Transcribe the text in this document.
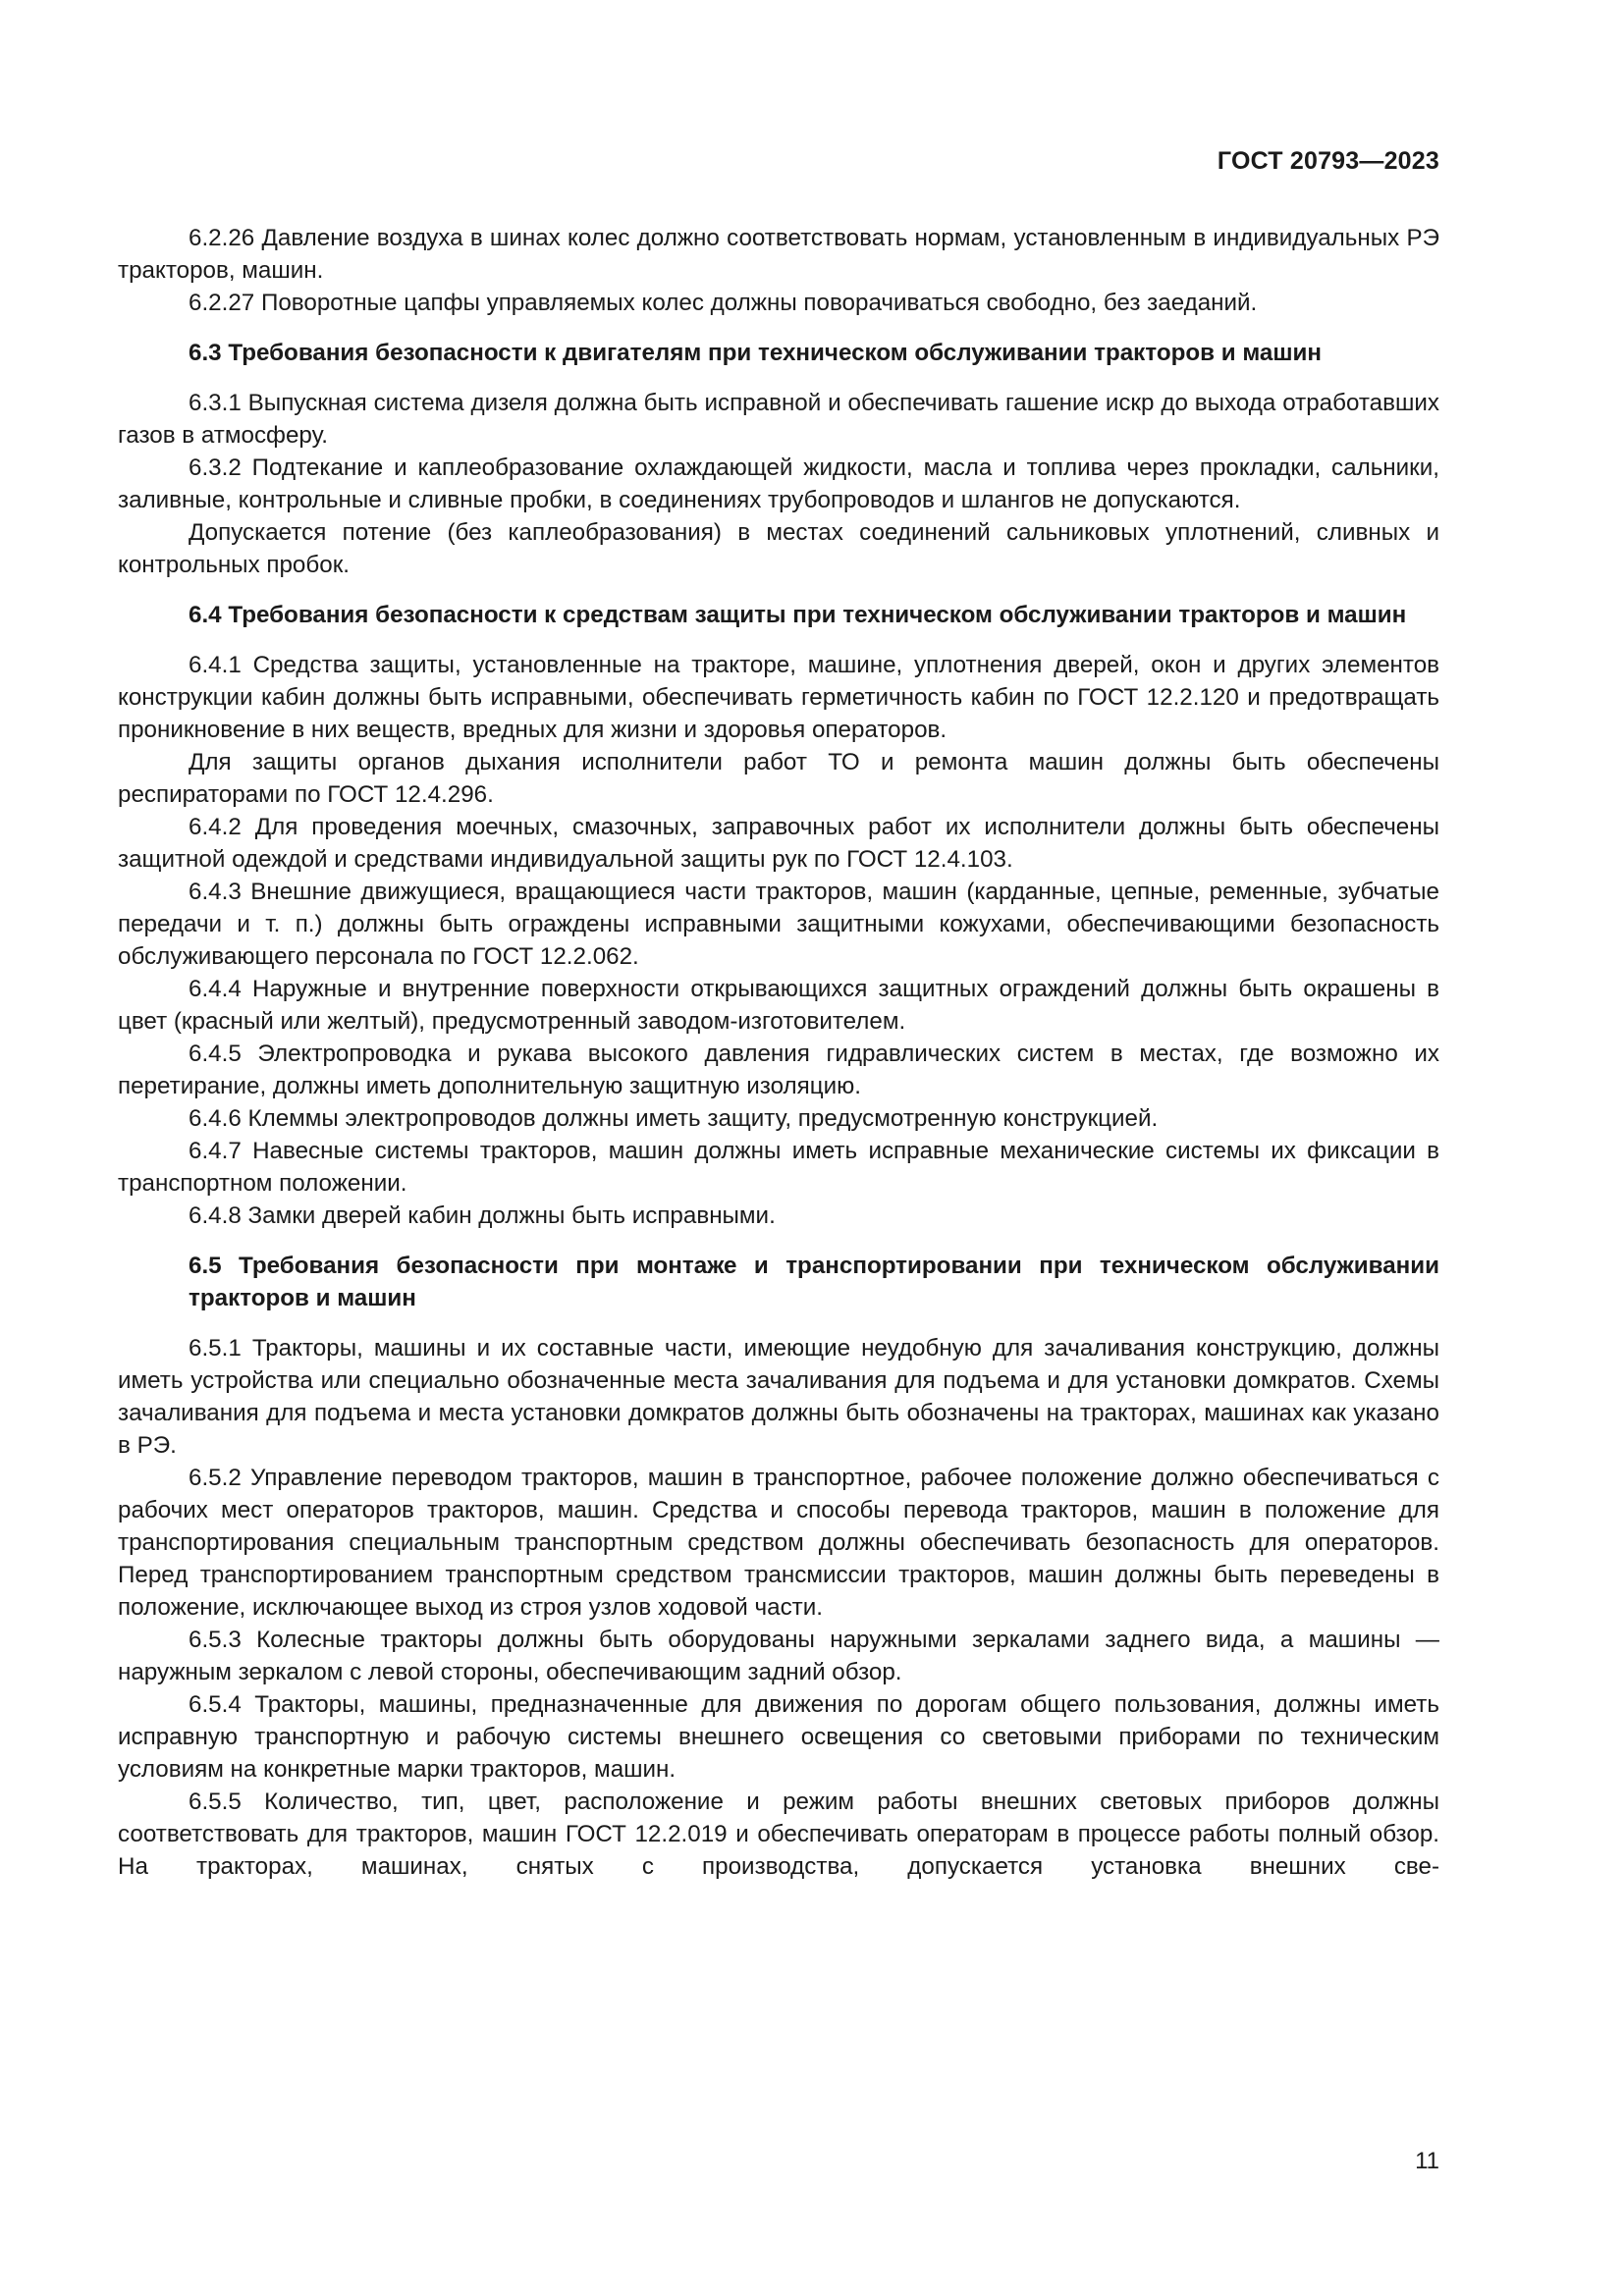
ГОСТ 20793—2023
6.2.26 Давление воздуха в шинах колес должно соответствовать нормам, установленным в индивидуальных РЭ тракторов, машин.
6.2.27 Поворотные цапфы управляемых колес должны поворачиваться свободно, без заеданий.
6.3 Требования безопасности к двигателям при техническом обслуживании тракторов и машин
6.3.1 Выпускная система дизеля должна быть исправной и обеспечивать гашение искр до выхода отработавших газов в атмосферу.
6.3.2 Подтекание и каплеобразование охлаждающей жидкости, масла и топлива через прокладки, сальники, заливные, контрольные и сливные пробки, в соединениях трубопроводов и шлангов не допускаются.
Допускается потение (без каплеобразования) в местах соединений сальниковых уплотнений, сливных и контрольных пробок.
6.4 Требования безопасности к средствам защиты при техническом обслуживании тракторов и машин
6.4.1 Средства защиты, установленные на тракторе, машине, уплотнения дверей, окон и других элементов конструкции кабин должны быть исправными, обеспечивать герметичность кабин по ГОСТ 12.2.120 и предотвращать проникновение в них веществ, вредных для жизни и здоровья операторов.
Для защиты органов дыхания исполнители работ ТО и ремонта машин должны быть обеспечены респираторами по ГОСТ 12.4.296.
6.4.2 Для проведения моечных, смазочных, заправочных работ их исполнители должны быть обеспечены защитной одеждой и средствами индивидуальной защиты рук по ГОСТ 12.4.103.
6.4.3 Внешние движущиеся, вращающиеся части тракторов, машин (карданные, цепные, ременные, зубчатые передачи и т. п.) должны быть ограждены исправными защитными кожухами, обеспечивающими безопасность обслуживающего персонала по ГОСТ 12.2.062.
6.4.4 Наружные и внутренние поверхности открывающихся защитных ограждений должны быть окрашены в цвет (красный или желтый), предусмотренный заводом-изготовителем.
6.4.5 Электропроводка и рукава высокого давления гидравлических систем в местах, где возможно их перетирание, должны иметь дополнительную защитную изоляцию.
6.4.6 Клеммы электропроводов должны иметь защиту, предусмотренную конструкцией.
6.4.7 Навесные системы тракторов, машин должны иметь исправные механические системы их фиксации в транспортном положении.
6.4.8 Замки дверей кабин должны быть исправными.
6.5 Требования безопасности при монтаже и транспортировании при техническом обслуживании тракторов и машин
6.5.1 Тракторы, машины и их составные части, имеющие неудобную для зачаливания конструкцию, должны иметь устройства или специально обозначенные места зачаливания для подъема и для установки домкратов. Схемы зачаливания для подъема и места установки домкратов должны быть обозначены на тракторах, машинах как указано в РЭ.
6.5.2 Управление переводом тракторов, машин в транспортное, рабочее положение должно обеспечиваться с рабочих мест операторов тракторов, машин. Средства и способы перевода тракторов, машин в положение для транспортирования специальным транспортным средством должны обеспечивать безопасность для операторов. Перед транспортированием транспортным средством трансмиссии тракторов, машин должны быть переведены в положение, исключающее выход из строя узлов ходовой части.
6.5.3 Колесные тракторы должны быть оборудованы наружными зеркалами заднего вида, а машины — наружным зеркалом с левой стороны, обеспечивающим задний обзор.
6.5.4 Тракторы, машины, предназначенные для движения по дорогам общего пользования, должны иметь исправную транспортную и рабочую системы внешнего освещения со световыми приборами по техническим условиям на конкретные марки тракторов, машин.
6.5.5 Количество, тип, цвет, расположение и режим работы внешних световых приборов должны соответствовать для тракторов, машин ГОСТ 12.2.019 и обеспечивать операторам в процессе работы полный обзор. На тракторах, машинах, снятых с производства, допускается установка внешних све-
11
